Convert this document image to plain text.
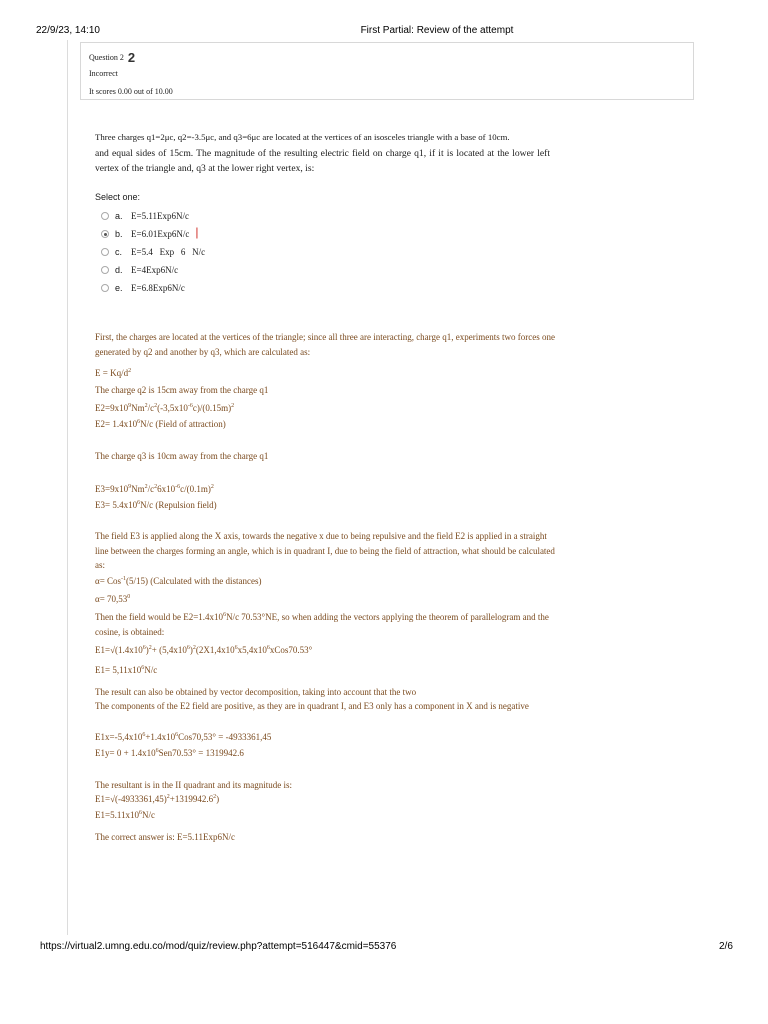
22/9/23, 14:10	First Partial: Review of the attempt
Question 2 2
Incorrect
It scores 0.00 out of 10.00
Three charges q1=2μc, q2=-3.5μc, and q3=6μc are located at the vertices of an isosceles triangle with a base of 10cm.
and equal sides of 15cm. The magnitude of the resulting electric field on charge q1, if it is located at the lower left vertex of the triangle and, q3 at the lower right vertex, is:
Select one:
a. E=5.11Exp6N/c
b. E=6.01Exp6N/c |
c. E=5.4   Exp   6   N/c
d. E=4Exp6N/c
e. E=6.8Exp6N/c
First, the charges are located at the vertices of the triangle; since all three are interacting, charge q1, experiments two forces one generated by q2 and another by q3, which are calculated as:
$E = Kq/d^2$
The charge q2 is 15cm away from the charge q1
$E2=9x10^9Nm^2/c^2(-3,5x10^{-6}c)/(0.15m)^2$
$E2= 1.4x10^6N/c$ (Field of attraction)
The charge q3 is 10cm away from the charge q1
$E3=9x10^9Nm^2/c^26x10^{-6}c/(0.1m)^2$
$E3= 5.4x10^6N/c$ (Repulsion field)
The field E3 is applied along the X axis, towards the negative x due to being repulsive and the field E2 is applied in a straight line between the charges forming an angle, which is in quadrant I, due to being the field of attraction, what should be calculated as:
α= Cos$^{-1}$(5/15) (Calculated with the distances)
$\alpha= 70,53^0$
Then the field would be $E2=1.4x10^6N/c$ 70.53°NE, so when adding the vectors applying the theorem of parallelogram and the cosine, is obtained:
$E1=√(1.4x10^6)^2+$ $(5,4x10^6)^2(2X1,4x10^6x5,4x10^6xCos70.53^\circ$
$E1= 5,11x10^6N/c$
The result can also be obtained by vector decomposition, taking into account that the two
The components of the E2 field are positive, as they are in quadrant I, and E3 only has a component in X and is negative
$E1x=-5,4x10^6+1.4x10^6Cos70,53^\circ = -4933361,45$
$E1y= 0 + 1.4x10^6Sen70.53^\circ = 1319942.6$
The resultant is in the II quadrant and its magnitude is:
$E1=√(-4933361,45)^2+1319942.6^2$)
$E1=5.11x10^6N/c$
The correct answer is: E=5.11Exp6N/c
https://virtual2.umng.edu.co/mod/quiz/review.php?attempt=516447&cmid=55376	2/6
